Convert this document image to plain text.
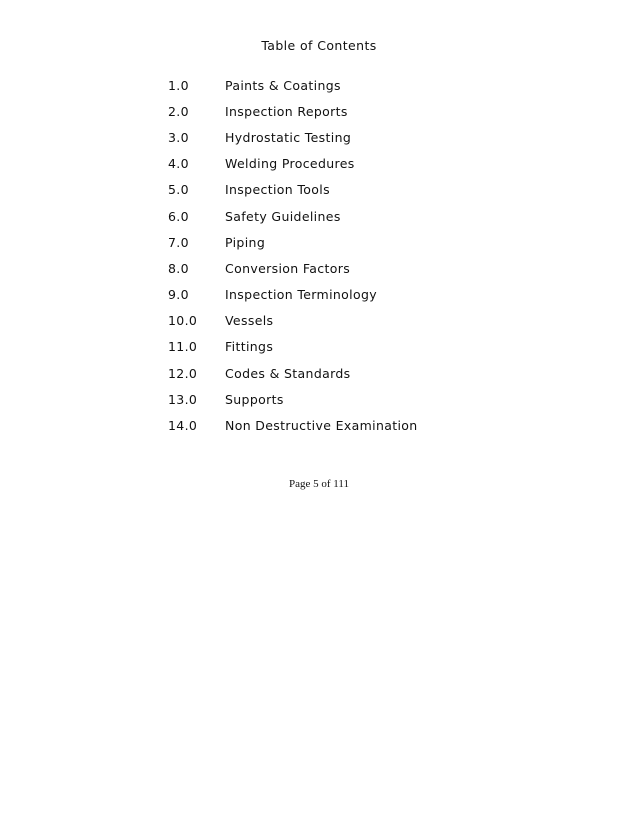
Table of Contents
1.0	Paints & Coatings
2.0	Inspection Reports
3.0	Hydrostatic Testing
4.0	Welding Procedures
5.0	Inspection Tools
6.0	Safety Guidelines
7.0	Piping
8.0	Conversion Factors
9.0	Inspection Terminology
10.0	Vessels
11.0	Fittings
12.0	Codes & Standards
13.0	Supports
14.0	Non Destructive Examination
Page 5 of 111
